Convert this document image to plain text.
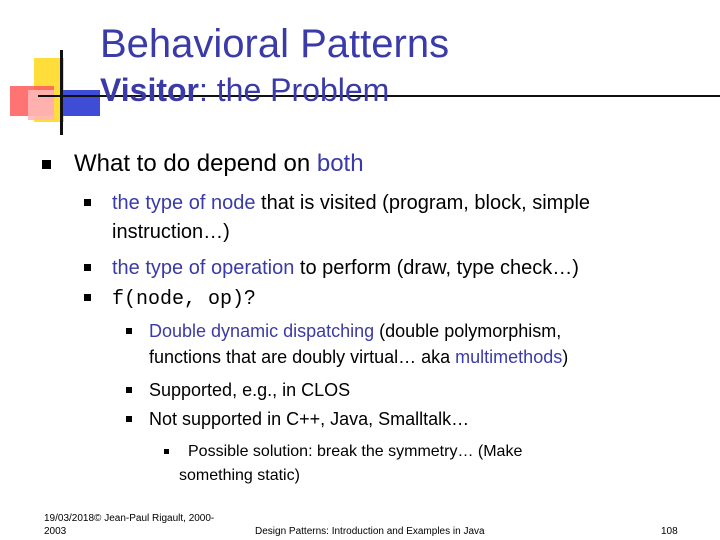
Behavioral Patterns
Visitor: the Problem
What to do depend on both
the type of node that is visited (program, block, simple
instruction…)
the type of operation to perform (draw, type check…)
f(node, op)?
Double dynamic dispatching (double polymorphism,
functions that are doubly virtual… aka multimethods)
Supported, e.g., in CLOS
Not supported in C++, Java, Smalltalk…
Possible solution: break the symmetry… (Make
something static)
19/03/2018© Jean-Paul Rigault, 2000-
2003	Design Patterns: Introduction and Examples in Java	108
